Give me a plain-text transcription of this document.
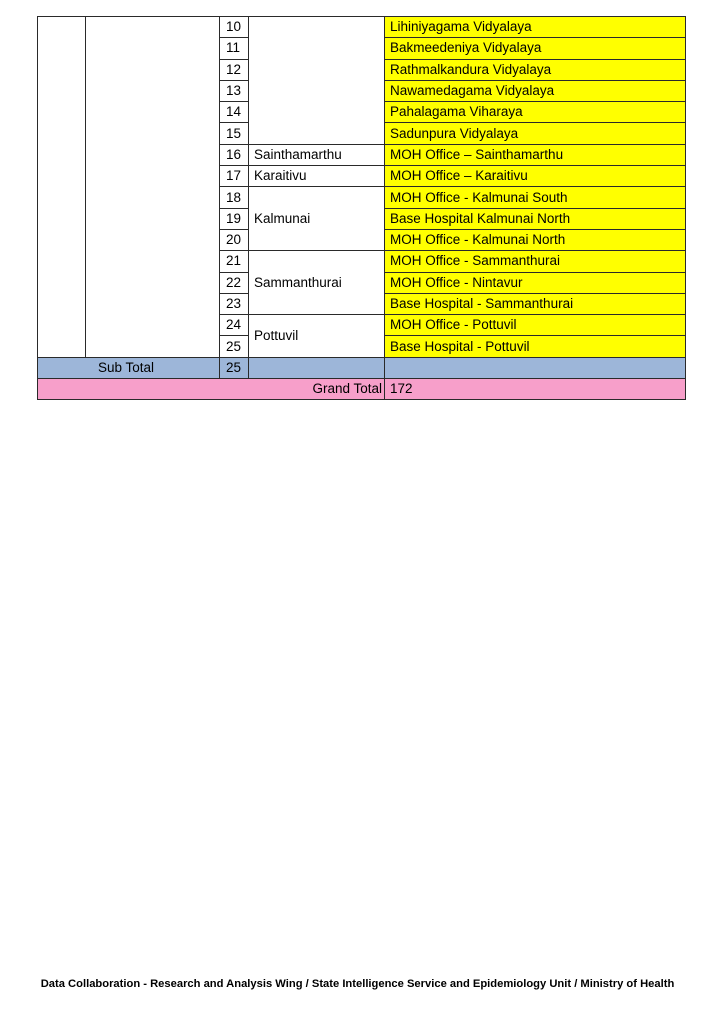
		10		Lihiniyagama Vidyalaya
		11		Bakmeedeniya Vidyalaya
		12		Rathmalkandura Vidyalaya
		13		Nawamedagama Vidyalaya
		14		Pahalagama Viharaya
		15		Sadunpura Vidyalaya
		16	Sainthamarthu	MOH Office – Sainthamarthu
		17	Karaitivu	MOH Office – Karaitivu
		18	Kalmunai	MOH Office - Kalmunai South
		19		Base Hospital Kalmunai North
		20		MOH Office - Kalmunai North
		21	Sammanthurai	MOH Office - Sammanthurai
		22		MOH Office - Nintavur
		23		Base Hospital - Sammanthurai
		24	Pottuvil	MOH Office - Pottuvil
		25		Base Hospital - Pottuvil
Sub Total		25		
Grand Total				172
Data Collaboration - Research and Analysis Wing / State Intelligence Service and Epidemiology Unit / Ministry of Health
